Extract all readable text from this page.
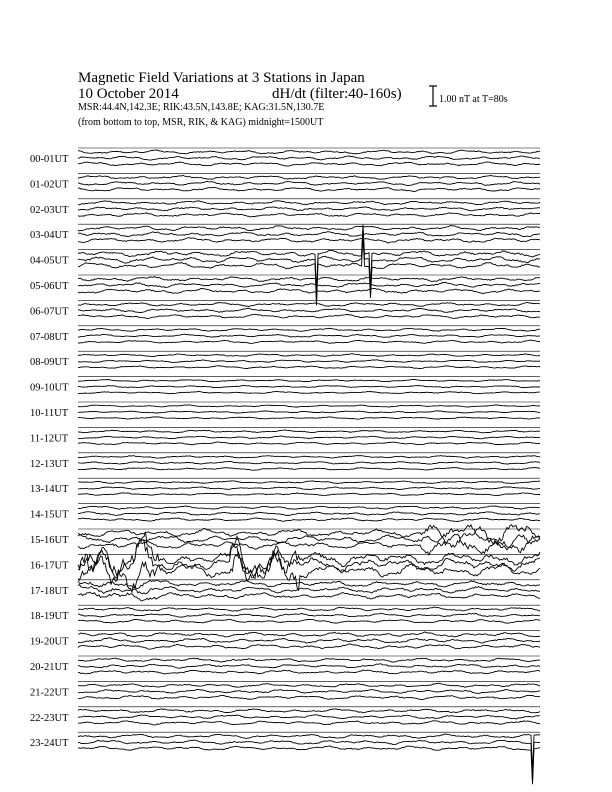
Magnetic Field Variations at 3 Stations in Japan
10 October 2014	dH/dt (filter:40-160s)
MSR:44.4N,142.3E; RIK:43.5N,143.8E; KAG:31.5N,130.7E
(from bottom to top, MSR, RIK, & KAG) midnight=1500UT
1.00 nT at T=80s
00-01UT
01-02UT
02-03UT
03-04UT
04-05UT
05-06UT
06-07UT
07-08UT
08-09UT
09-10UT
10-11UT
11-12UT
12-13UT
13-14UT
14-15UT
15-16UT
16-17UT
17-18UT
18-19UT
19-20UT
20-21UT
21-22UT
22-23UT
23-24UT
